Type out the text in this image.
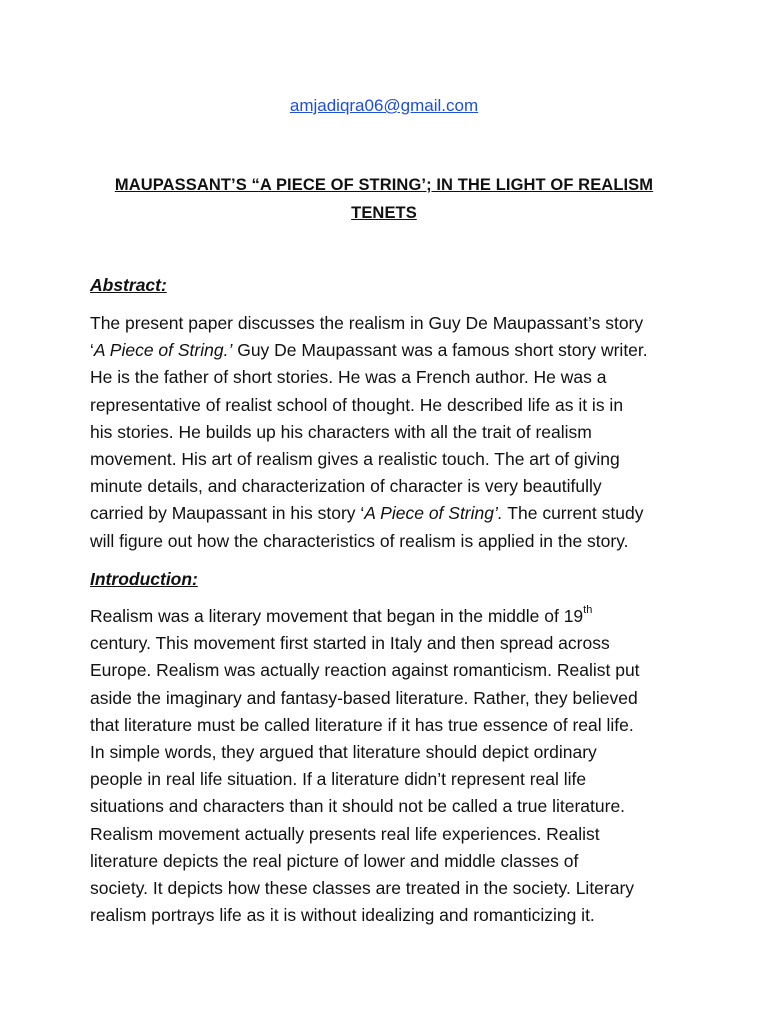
amjadiqra06@gmail.com
MAUPASSANT’S “A PIECE OF STRING’; IN THE LIGHT OF REALISM
TENETS
Abstract:

The present paper discusses the realism in Guy De Maupassant’s story
‘A Piece of String.’ Guy De Maupassant was a famous short story writer.
He is the father of short stories. He was a French author. He was a
representative of realist school of thought. He described life as it is in
his stories. He builds up his characters with all the trait of realism
movement. His art of realism gives a realistic touch. The art of giving
minute details, and characterization of character is very beautifully
carried by Maupassant in his story ‘A Piece of String’. The current study
will figure out how the characteristics of realism is applied in the story.

Introduction:

Realism was a literary movement that began in the middle of 19th
century. This movement first started in Italy and then spread across
Europe. Realism was actually reaction against romanticism. Realist put
aside the imaginary and fantasy-based literature. Rather, they believed
that literature must be called literature if it has true essence of real life.
In simple words, they argued that literature should depict ordinary
people in real life situation. If a literature didn’t represent real life
situations and characters than it should not be called a true literature.
Realism movement actually presents real life experiences. Realist
literature depicts the real picture of lower and middle classes of
society. It depicts how these classes are treated in the society. Literary
realism portrays life as it is without idealizing and romanticizing it.
